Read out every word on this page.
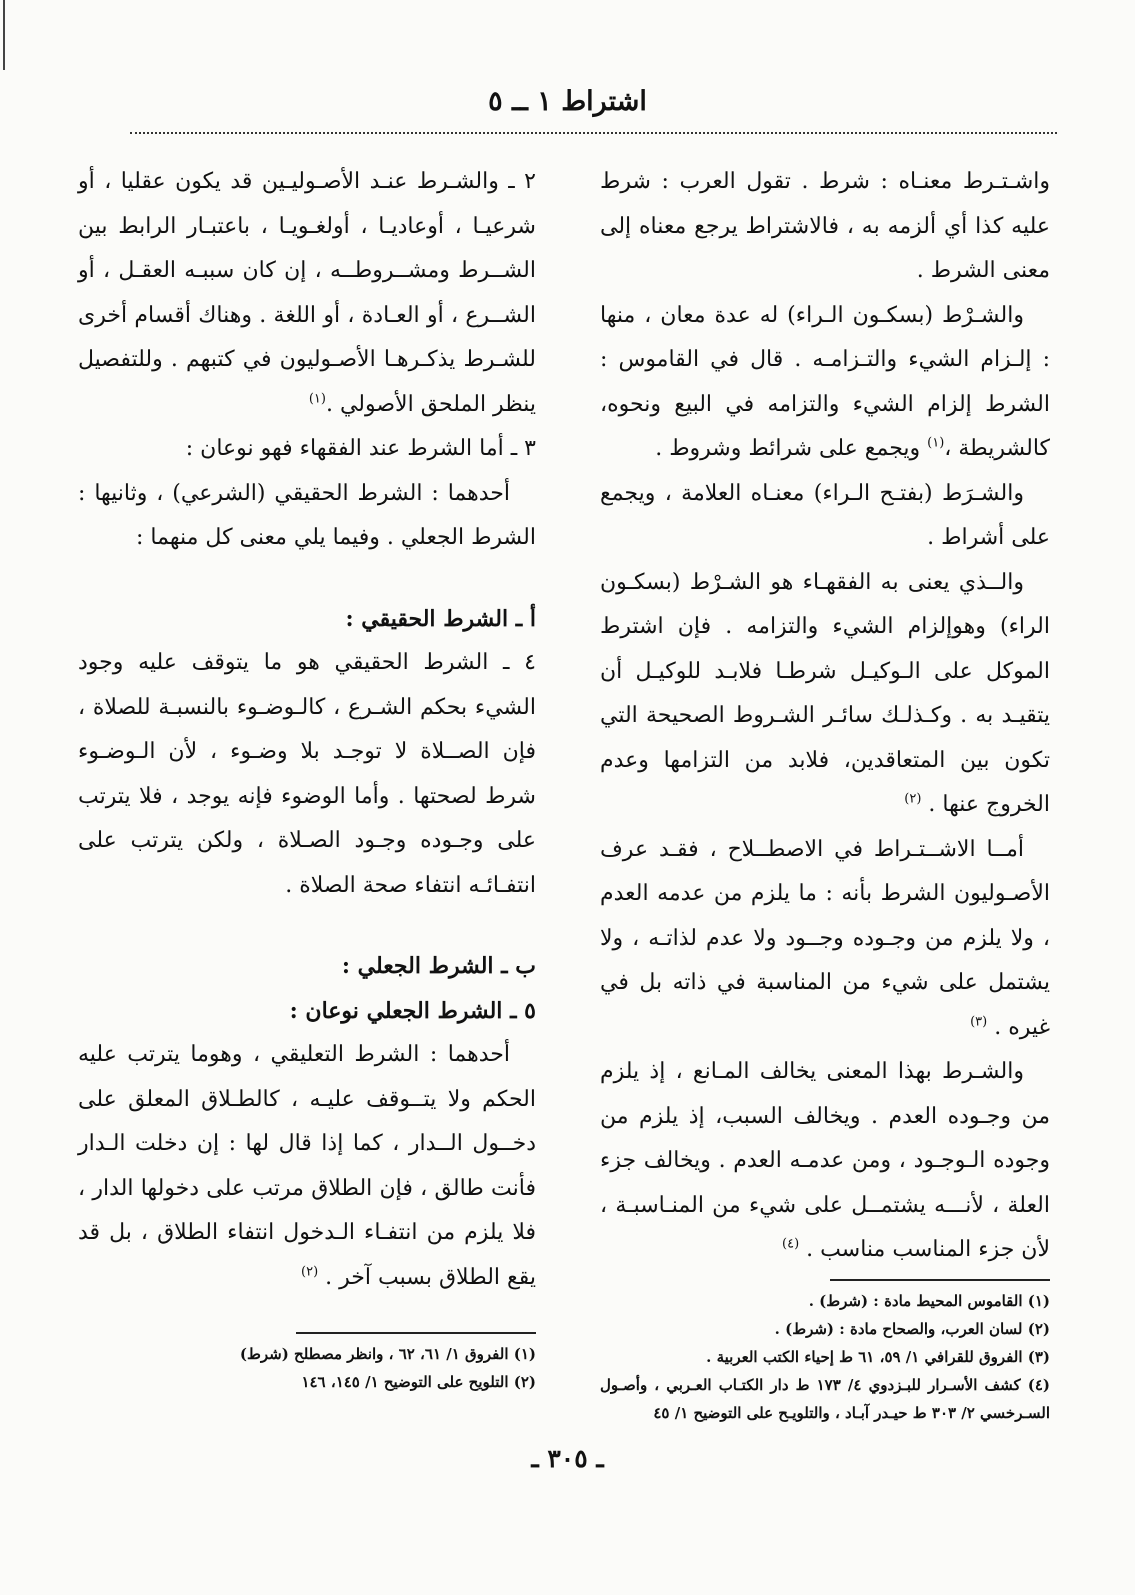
اشتراط ١ ــ ٥

واشـتـرط معنـاه : شرط . تقول العرب : شرط عليه كذا أي ألزمه به ، فالاشتراط يرجع معناه إلى معنى الشرط .

والشـرْط (بسكـون الـراء) له عدة معان ، منها : إلـزام الشيء والتـزامـه . قال في القاموس : الشرط إلزام الشيء والتزامه في البيع ونحوه، كالشريطة ،$^{(١)}$ ويجمع على شرائط وشروط .

والشـرَط (بفتـح الـراء) معنـاه العلامة ، ويجمع على أشراط .

والــذي يعنى به الفقهـاء هو الشـرْط (بسكـون الراء) وهوإلزام الشيء والتزامه . فإن اشترط الموكل على الـوكيـل شرطـا فلابـد للوكيـل أن يتقيـد به . وكـذلـك سائـر الشـروط الصحيحة التي تكون بين المتعاقدين، فلابد من التزامها وعدم الخروج عنها . $^{(٢)}$

أمــا الاشــتـراط في الاصطــلاح ، فقـد عرف الأصـوليون الشرط بأنه : ما يلزم من عدمه العدم ، ولا يلزم من وجـوده وجــود ولا عدم لذاتـه ، ولا يشتمل على شيء من المناسبة في ذاته بل في غيره . $^{(٣)}$

والشـرط بهذا المعنى يخالف المـانع ، إذ يلزم من وجـوده العدم . ويخالف السبب، إذ يلزم من وجوده الـوجـود ، ومن عدمـه العدم . ويخالف جزء العلة ، لأنـــه يشتمــل على شيء من المنـاسبـة ، لأن جزء المناسب مناسب . $^{(٤)}$

(١) القاموس المحيط مادة : (شرط) .

(٢) لسان العرب، والصحاح مادة : (شرط) .

(٣) الفروق للقرافي ١/ ٥٩، ٦١ ط إحياء الكتب العربية .

(٤) كشف الأسـرار للبـزدوي ٤/ ١٧٣ ط دار الكتـاب العـربي ، وأصـول السـرخسي ٢/ ٣٠٣ ط حيـدر آبـاد ، والتلويـح على التوضيح ١/ ٤٥

٢ ـ والشـرط عنـد الأصـوليـين قد يكون عقليا ، أو شرعيـا ، أوعاديـا ، أولغـويـا ، باعتبـار الرابط بين الشــرط ومشــروطــه ، إن كان سببـه العقـل ، أو الشــرع ، أو العـادة ، أو اللغة . وهناك أقسام أخرى للشـرط يذكـرهـا الأصـوليون في كتبهم . وللتفصيل ينظر الملحق الأصولي .$^{(١)}$

٣ ـ أما الشرط عند الفقهاء فهو نوعان :

أحدهما : الشرط الحقيقي (الشرعي) ، وثانيها : الشرط الجعلي . وفيما يلي معنى كل منهما :

أ ـ الشرط الحقيقي :

٤ ـ الشرط الحقيقي هو ما يتوقف عليه وجود الشيء بحكم الشـرع ، كالـوضـوء بالنسبـة للصلاة ، فإن الصــلاة لا توجـد بلا وضـوء ، لأن الـوضـوء شرط لصحتها . وأما الوضوء فإنه يوجد ، فلا يترتب على وجـوده وجـود الصـلاة ، ولكن يترتب على انتفـائـه انتفاء صحة الصلاة .

ب ـ الشرط الجعلي :

٥ ـ الشرط الجعلي نوعان :

أحدهما : الشرط التعليقي ، وهوما يترتب عليه الحكم ولا يتــوقف عليـه ، كالطـلاق المعلق على دخــول الــدار ، كما إذا قال لها : إن دخلت الـدار فأنت طالق ، فإن الطلاق مرتب على دخولها الدار ، فلا يلزم من انتفـاء الـدخول انتفاء الطلاق ، بل قد يقع الطلاق بسبب آخر . $^{(٢)}$

(١) الفروق ١/ ٦١، ٦٢ ، وانظر مصطلح (شرط)

(٢) التلويح على التوضيح ١/ ١٤٥، ١٤٦

ـ ٣٠٥ ـ
